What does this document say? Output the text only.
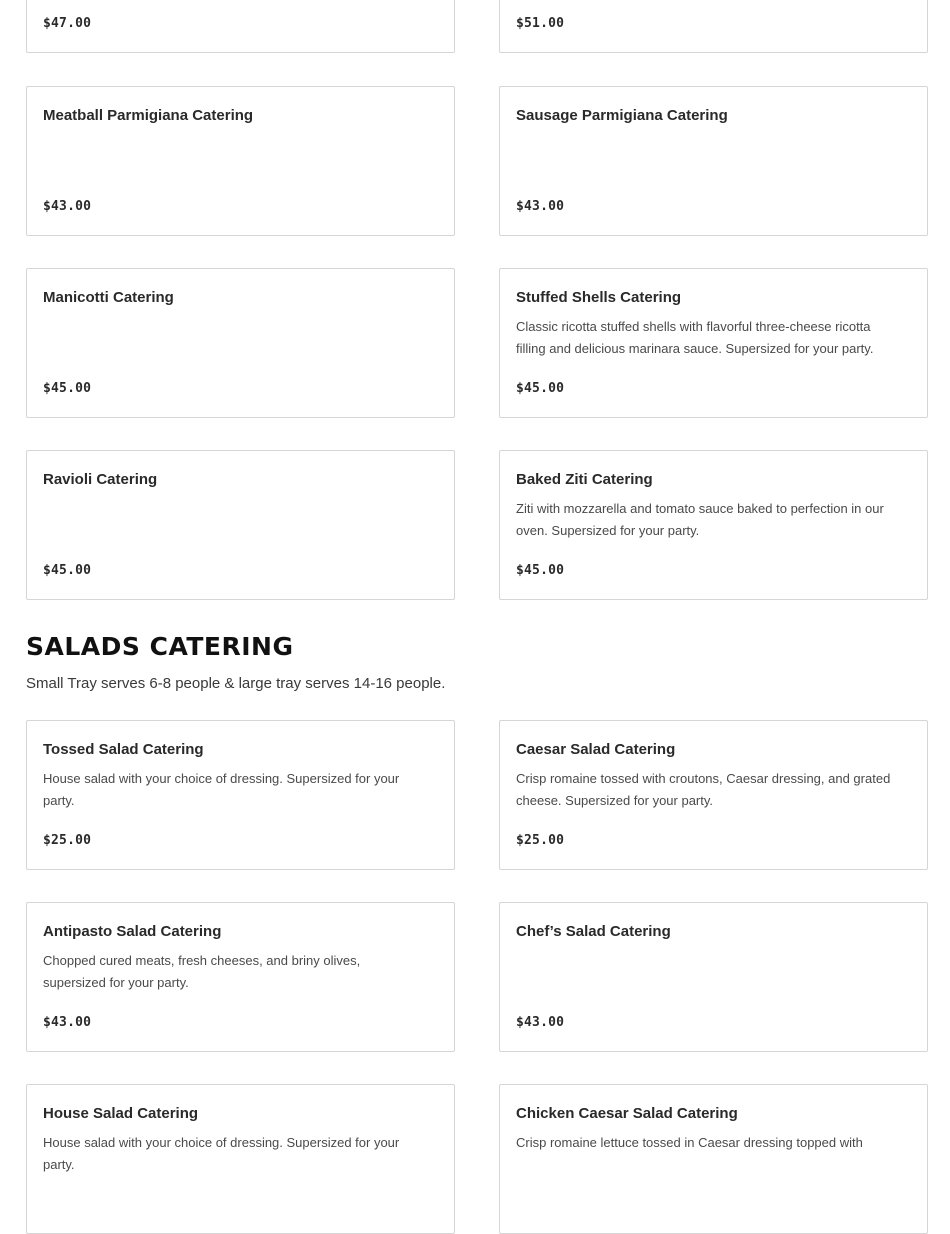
$47.00	$51.00
Meatball Parmigiana Catering
$43.00
Sausage Parmigiana Catering
$43.00
Manicotti Catering
$45.00
Stuffed Shells Catering
Classic ricotta stuffed shells with flavorful three-cheese ricotta filling and delicious marinara sauce. Supersized for your party.
$45.00
Ravioli Catering
$45.00
Baked Ziti Catering
Ziti with mozzarella and tomato sauce baked to perfection in our oven. Supersized for your party.
$45.00
SALADS CATERING

Small Tray serves 6-8 people & large tray serves 14-16 people.

Tossed Salad Catering
House salad with your choice of dressing. Supersized for your party.
$25.00
Caesar Salad Catering
Crisp romaine tossed with croutons, Caesar dressing, and grated cheese. Supersized for your party.
$25.00
Antipasto Salad Catering
Chopped cured meats, fresh cheeses, and briny olives, supersized for your party.
$43.00
Chef’s Salad Catering
$43.00
House Salad Catering
House salad with your choice of dressing. Supersized for your party.
Chicken Caesar Salad Catering
Crisp romaine lettuce tossed in Caesar dressing topped with
